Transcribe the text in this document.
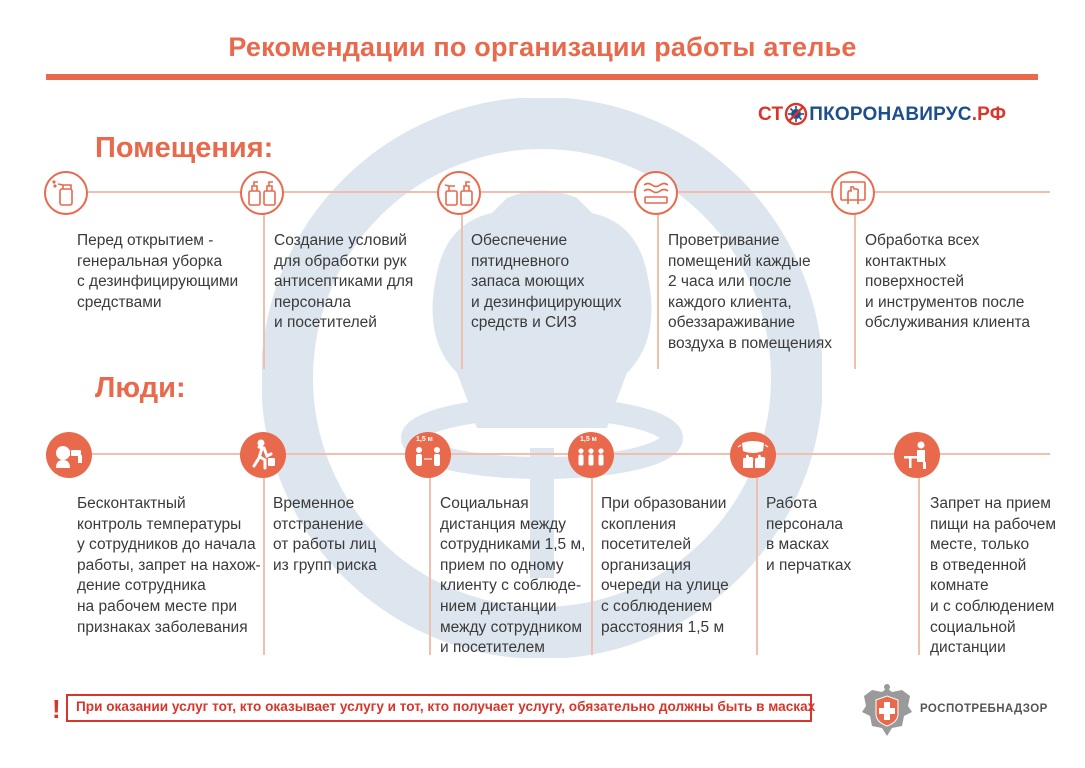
Рекомендации по организации работы ателье
СТ ПКОРОНАВИРУС.РФ
Помещения:
Перед открытием -
генеральная уборка
с дезинфицирующими
средствами
Создание условий
для обработки рук
антисептиками для
персонала
и посетителей
Обеспечение
пятидневного
запаса моющих
и дезинфицирующих
средств и СИЗ
Проветривание
помещений каждые
2 часа или после
каждого клиента,
обеззараживание
воздуха в помещениях
Обработка всех
контактных
поверхностей
и инструментов после
обслуживания клиента
Люди:
1,5 м	1,5 м
Бесконтактный
контроль температуры
у сотрудников до начала
работы, запрет на нахож-
дение сотрудника
на рабочем месте при
признаках заболевания
Временное
отстранение
от работы лиц
из групп риска
Социальная
дистанция между
сотрудниками 1,5 м,
прием по одному
клиенту с соблюде-
нием дистанции
между сотрудником
и посетителем
При образовании
скопления
посетителей
организация
очереди на улице
с соблюдением
расстояния 1,5 м
Работа
персонала
в масках
и перчатках
Запрет на прием
пищи на рабочем
месте, только
в отведенной
комнате
и с соблюдением
социальной
дистанции
! При оказании услуг тот, кто оказывает услугу и тот, кто получает услугу, обязательно должны быть в масках	РОСПОТРЕБНАДЗОР
